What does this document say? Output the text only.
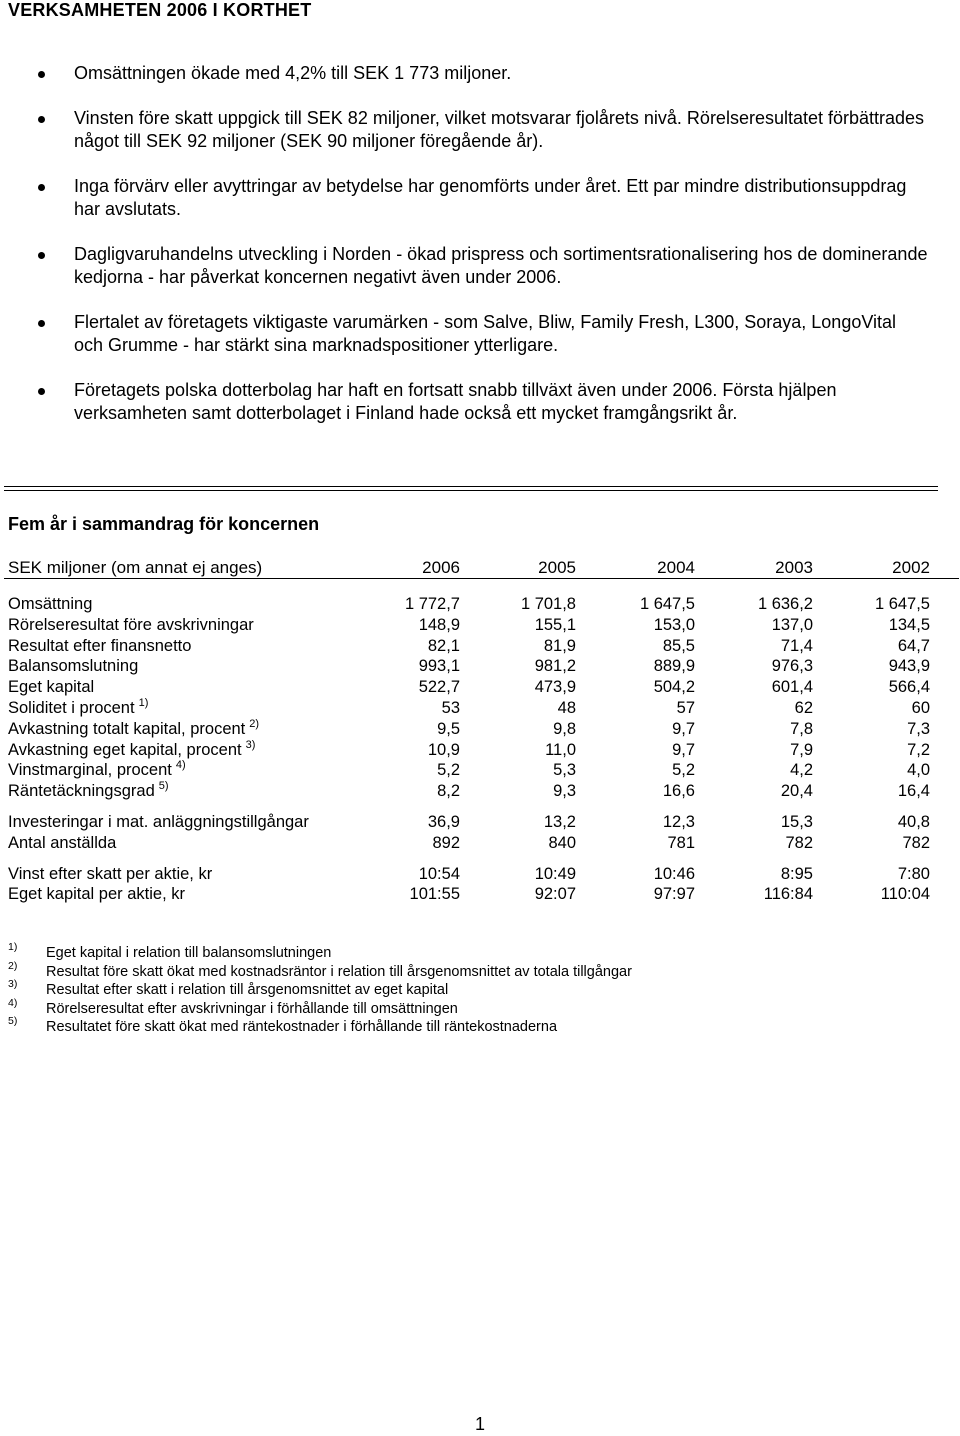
VERKSAMHETEN 2006 I KORTHET
Omsättningen ökade med 4,2% till SEK 1 773 miljoner.
Vinsten före skatt uppgick till SEK 82 miljoner, vilket motsvarar fjolårets nivå. Rörelseresultatet förbättrades något till SEK 92 miljoner (SEK 90 miljoner föregående år).
Inga förvärv eller avyttringar av betydelse har genomförts under året. Ett par mindre distributionsuppdrag har avslutats.
Dagligvaruhandelns utveckling i Norden - ökad prispress och sortimentsrationalisering hos de dominerande kedjorna - har påverkat koncernen negativt även under 2006.
Flertalet av företagets viktigaste varumärken - som Salve, Bliw, Family Fresh, L300, Soraya, LongoVital och Grumme - har stärkt sina marknadspositioner ytterligare.
Företagets polska dotterbolag har haft en fortsatt snabb tillväxt även under 2006. Första hjälpen verksamheten samt dotterbolaget i Finland hade också ett mycket framgångsrikt år.
Fem år i sammandrag för koncernen
SEK miljoner (om annat ej anges)	2006	2005	2004	2003	2002
Omsättning	1 772,7	1 701,8	1 647,5	1 636,2	1 647,5
Rörelseresultat före avskrivningar	148,9	155,1	153,0	137,0	134,5
Resultat efter finansnetto	82,1	81,9	85,5	71,4	64,7
Balansomslutning	993,1	981,2	889,9	976,3	943,9
Eget kapital	522,7	473,9	504,2	601,4	566,4
Soliditet i procent $^{1)}$	53	48	57	62	60
Avkastning totalt kapital, procent $^{2)}$	9,5	9,8	9,7	7,8	7,3
Avkastning eget kapital, procent $^{3)}$	10,9	11,0	9,7	7,9	7,2
Vinstmarginal, procent $^{4)}$	5,2	5,3	5,2	4,2	4,0
Räntetäckningsgrad $^{5)}$	8,2	9,3	16,6	20,4	16,4
Investeringar i mat. anläggningstillgångar	36,9	13,2	12,3	15,3	40,8
Antal anställda	892	840	781	782	782
Vinst efter skatt per aktie, kr	10:54	10:49	10:46	8:95	7:80
Eget kapital per aktie, kr	101:55	92:07	97:97	116:84	110:04
1) Eget kapital i relation till balansomslutningen
2) Resultat före skatt ökat med kostnadsräntor i relation till årsgenomsnittet av totala tillgångar
3) Resultat efter skatt i relation till årsgenomsnittet av eget kapital
4) Rörelseresultat efter avskrivningar i förhållande till omsättningen
5) Resultatet före skatt ökat med räntekostnader i förhållande till räntekostnaderna
1
